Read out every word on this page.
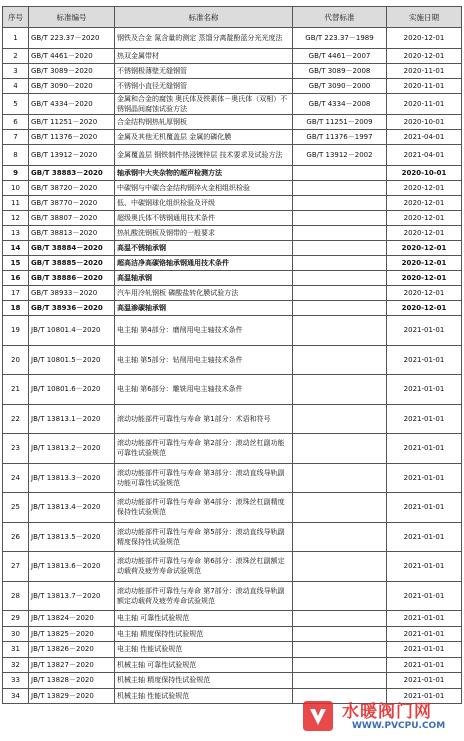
序号	标准编号	标准名称	代替标准	实施日期
1	GB/T 223.37－2020	钢铁及合金 氮含量的测定 蒸馏分离靛酚蓝分光光度法	GB/T 223.37－1989	2020-12-01
2	GB/T 4461－2020	热双金属带材	GB/T 4461－2007	2020-12-01
3	GB/T 3089－2020	不锈钢极薄壁无缝钢管	GB/T 3089－2008	2020-11-01
4	GB/T 3090－2020	不锈钢小直径无缝钢管	GB/T 3090－2000	2020-11-01
5	GB/T 4334－2020	金属和合金的腐蚀 奥氏体及铁素体－奥氏体（双相）不锈钢晶间腐蚀试验方法	GB/T 4334－2008	2020-11-01
6	GB/T 11251－2020	合金结构钢热轧厚钢板	GB/T 11251－2009	2020-10-01
7	GB/T 11376－2020	金属及其他无机覆盖层 金属的磷化膜	GB/T 11376－1997	2021-04-01
8	GB/T 13912－2020	金属覆盖层 钢铁制件热浸镀锌层 技术要求及试验方法	GB/T 13912－2002	2021-04-01
9	GB/T 38883－2020	轴承钢中大夹杂物的超声检测方法		2020-10-01
10	GB/T 38720－2020	中碳钢与中碳合金结构钢淬火金相组织检验		2020-12-01
11	GB/T 38770－2020	低、中碳钢球化组织检验及评级		2020-12-01
12	GB/T 38807－2020	超级奥氏体不锈钢通用技术条件		2020-12-01
13	GB/T 38813－2020	热轧酸洗钢板及钢带的一般要求		2020-12-01
14	GB/T 38884－2020	高温不锈轴承钢		2020-12-01
15	GB/T 38885－2020	超高洁净高碳铬轴承钢通用技术条件		2020-12-01
16	GB/T 38886－2020	高温轴承钢		2020-12-01
17	GB/T 38933－2020	汽车用冷轧钢板 磷酸盐转化膜试验方法		2020-12-01
18	GB/T 38936－2020	高温渗碳轴承钢		2020-12-01
19	JB/T 10801.4－2020	电主轴 第4部分：磨削用电主轴技术条件		2021-01-01
20	JB/T 10801.5－2020	电主轴 第5部分：钻削用电主轴技术条件		2021-01-01
21	JB/T 10801.6－2020	电主轴 第6部分：雕铣用电主轴技术条件		2021-01-01
22	JB/T 13813.1－2020	滚动功能部件可靠性与寿命 第1部分：术语和符号		2021-01-01
23	JB/T 13813.2－2020	滚动功能部件可靠性与寿命 第2部分：滚动丝杠副功能可靠性试验规范		2021-01-01
24	JB/T 13813.3－2020	滚动功能部件可靠性与寿命 第3部分：滚动直线导轨副功能可靠性试验规范		2021-01-01
25	JB/T 13813.4－2020	滚动功能部件可靠性与寿命 第4部分：滚珠丝杠副精度保持性试验规范		2021-01-01
26	JB/T 13813.5－2020	滚动功能部件可靠性与寿命 第5部分：滚动直线导轨副精度保持性试验规范		2021-01-01
27	JB/T 13813.6－2020	滚动功能部件可靠性与寿命 第6部分：滚珠丝杠副额定动载荷及疲劳寿命试验规范		2021-01-01
28	JB/T 13813.7－2020	滚动功能部件可靠性与寿命 第7部分：滚动直线导轨副额定动载荷及疲劳寿命试验规范		2021-01-01
29	JB/T 13824－2020	电主轴 可靠性试验规范		2021-01-01
30	JB/T 13825－2020	电主轴 精度保持性试验规范		2021-01-01
31	JB/T 13826－2020	电主轴 性能试验规范		2021-01-01
32	JB/T 13827－2020	机械主轴 可靠性试验规范		2021-01-01
33	JB/T 13828－2020	机械主轴 精度保持性试验规范		2021-01-01
34	JB/T 13829－2020	机械主轴 性能试验规范		2021-01-01
水暖阀门网
WWW.PVCPU.COM
